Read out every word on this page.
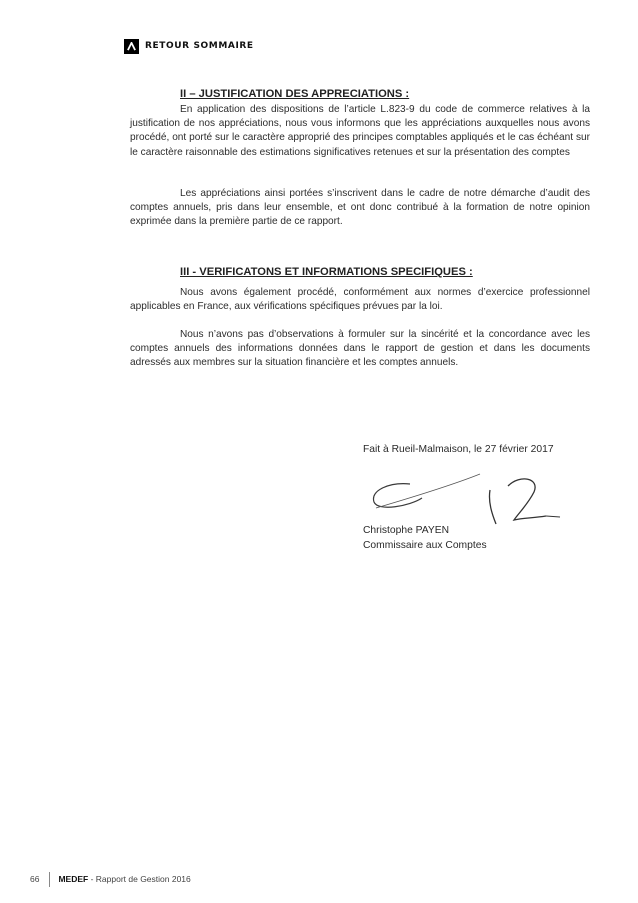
RETOUR SOMMAIRE
II – JUSTIFICATION DES APPRECIATIONS :
En application des dispositions de l’article L.823-9 du code de commerce relatives à la justification de nos appréciations, nous vous informons que les appréciations auxquelles nous avons procédé, ont porté sur le caractère approprié des principes comptables appliqués et le cas échéant sur le caractère raisonnable des estimations significatives retenues et sur la présentation des comptes
Les appréciations ainsi portées s’inscrivent dans le cadre de notre démarche d’audit des comptes annuels, pris dans leur ensemble, et ont donc contribué à la formation de notre opinion exprimée dans la première partie de ce rapport.
III - VERIFICATONS ET INFORMATIONS SPECIFIQUES :
Nous avons également procédé, conformément aux normes d’exercice professionnel applicables en France, aux vérifications spécifiques prévues par la loi.
Nous n’avons pas d’observations à formuler sur la sincérité et la concordance avec les comptes annuels des informations données dans le rapport de gestion et dans les documents adressés aux membres sur la situation financière et les comptes annuels.
Fait à Rueil-Malmaison, le 27 février 2017
Christophe PAYEN
Commissaire aux Comptes
66 MEDEF - Rapport de Gestion 2016
